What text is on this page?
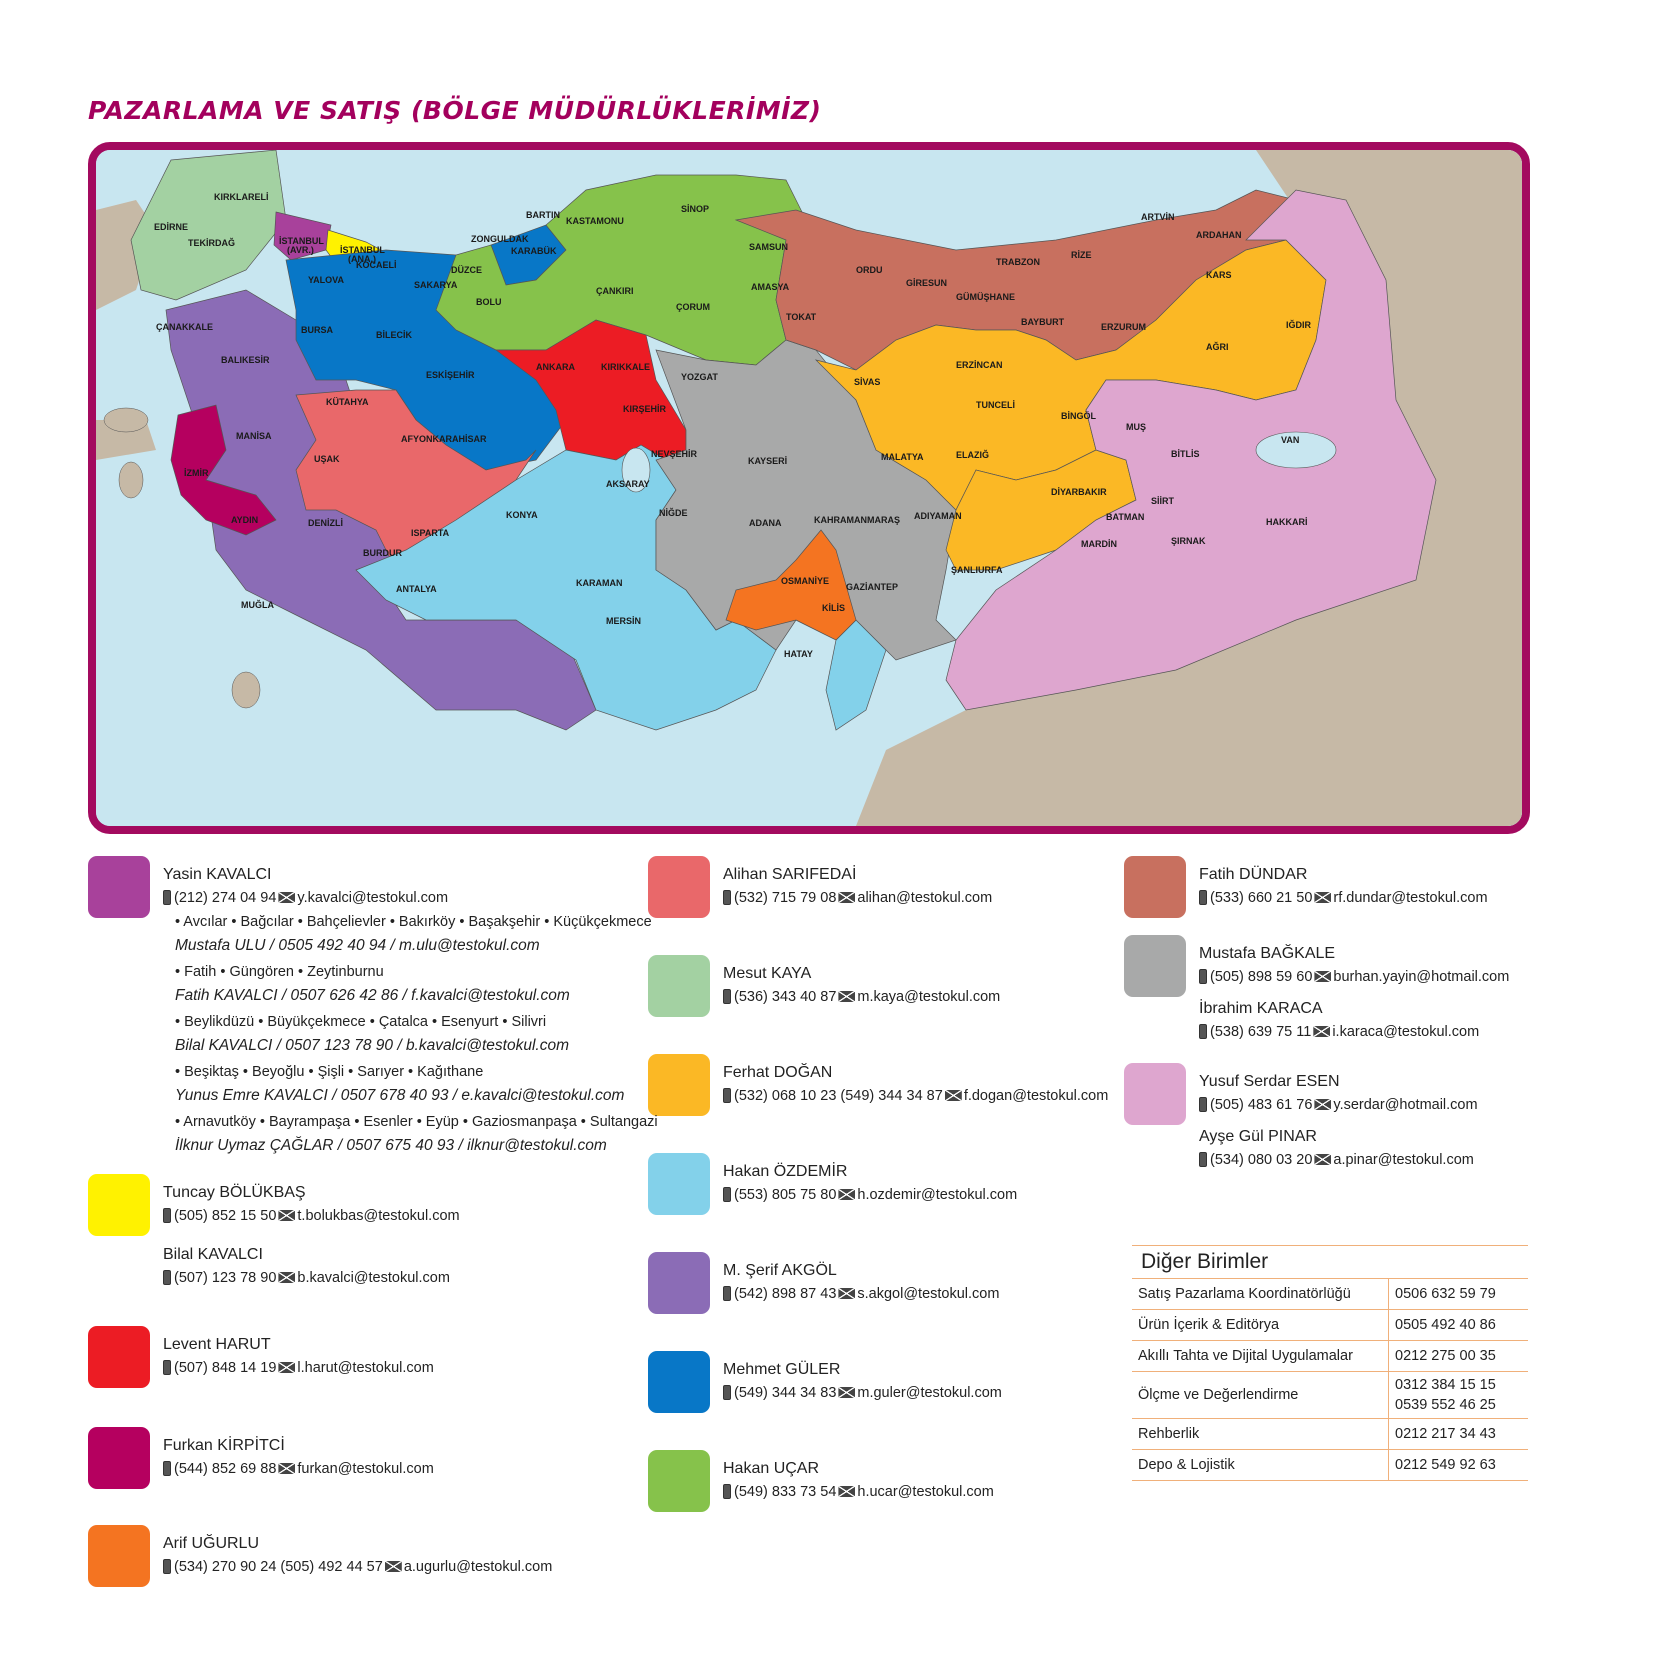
PAZARLAMA VE SATIŞ (BÖLGE MÜDÜRLÜKLERİMİZ)
KIRKLARELİ
EDİRNE
TEKİRDAĞ	İSTANBUL (AVR.)	İSTANBUL (ANA.)
KOCAELİ
YALOVA	SAKARYA
DÜZCE
ZONGULDAK
BARTIN
KARABÜK
KASTAMONU
SİNOP
SAMSUN
ÇANKIRI
BOLU	ÇORUM
AMASYA
TOKAT
ORDU
GİRESUN
TRABZON
RİZE
ARTVİN
ARDAHAN
KARS
GÜMÜŞHANE
BAYBURT	ERZURUM	IĞDIR
AĞRI
ÇANAKKALE
BALIKESİR
BURSA	BİLECİK
ESKİŞEHİR
ANKARA	KIRIKKALE
YOZGAT	SİVAS
ERZİNCAN
TUNCELİ
BİNGÖL
MUŞ
VAN
BİTLİS
KÜTAHYA
MANİSA	AFYONKARAHİSAR
UŞAK
İZMİR
AYDIN	DENİZLİ
MUĞLA
BURDUR
ISPARTA
ANTALYA
KONYA
KARAMAN
MERSİN
AKSARAY
NEVŞEHİR
KIRŞEHİR
NİĞDE
KAYSERİ	MALATYA	ELAZIĞ
DİYARBAKIR
BATMAN
SİİRT
ŞIRNAK
HAKKARİ
MARDİN
ADIYAMAN
ŞANLIURFA
ADANA	KAHRAMANMARAŞ
OSMANİYE
GAZİANTEP
KİLİS
HATAY
Yasin KAVALCI
(212) 274 04 94 y.kavalci@testokul.com
Tuncay BÖLÜKBAŞ
(505) 852 15 50 t.bolukbas@testokul.com
Bilal KAVALCI
(507) 123 78 90 b.kavalci@testokul.com
Levent HARUT
(507) 848 14 19 l.harut@testokul.com
Furkan KİRPİTCİ
(544) 852 69 88 furkan@testokul.com
Arif UĞURLU
(534) 270 90 24 (505) 492 44 57 a.ugurlu@testokul.com
Alihan SARIFEDAİ
(532) 715 79 08 alihan@testokul.com
Mesut KAYA
(536) 343 40 87 m.kaya@testokul.com
Ferhat DOĞAN
(532) 068 10 23 (549) 344 34 87 f.dogan@testokul.com
Hakan ÖZDEMİR
(553) 805 75 80 h.ozdemir@testokul.com
M. Şerif AKGÖL
(542) 898 87 43 s.akgol@testokul.com
Mehmet GÜLER
(549) 344 34 83 m.guler@testokul.com
Hakan UÇAR
(549) 833 73 54 h.ucar@testokul.com
Fatih DÜNDAR
(533) 660 21 50 rf.dundar@testokul.com
Mustafa BAĞKALE
(505) 898 59 60 burhan.yayin@hotmail.com
İbrahim KARACA
(538) 639 75 11 i.karaca@testokul.com
Yusuf Serdar ESEN
(505) 483 61 76 y.serdar@hotmail.com
Ayşe Gül PINAR
(534) 080 03 20 a.pinar@testokul.com
• Avcılar • Bağcılar • Bahçelievler • Bakırköy • Başakşehir • Küçükçekmece
Mustafa ULU / 0505 492 40 94 / m.ulu@testokul.com
• Fatih • Güngören • Zeytinburnu
Fatih KAVALCI / 0507 626 42 86 / f.kavalci@testokul.com
• Beylikdüzü • Büyükçekmece • Çatalca • Esenyurt • Silivri
Bilal KAVALCI / 0507 123 78 90 / b.kavalci@testokul.com
• Beşiktaş • Beyoğlu • Şişli • Sarıyer • Kağıthane
Yunus Emre KAVALCI / 0507 678 40 93 / e.kavalci@testokul.com
• Arnavutköy • Bayrampaşa • Esenler • Eyüp • Gaziosmanpaşa • Sultangazi
İlknur Uymaz ÇAĞLAR / 0507 675 40 93 / ilknur@testokul.com
Diğer Birimler
Satış Pazarlama Koordinatörlüğü	0506 632 59 79
Ürün İçerik & Editörya	0505 492 40 86
Akıllı Tahta ve Dijital Uygulamalar	0212 275 00 35
Ölçme ve Değerlendirme	0312 384 15 15
0539 552 46 25
Rehberlik	0212 217 34 43
Depo & Lojistik	0212 549 92 63
